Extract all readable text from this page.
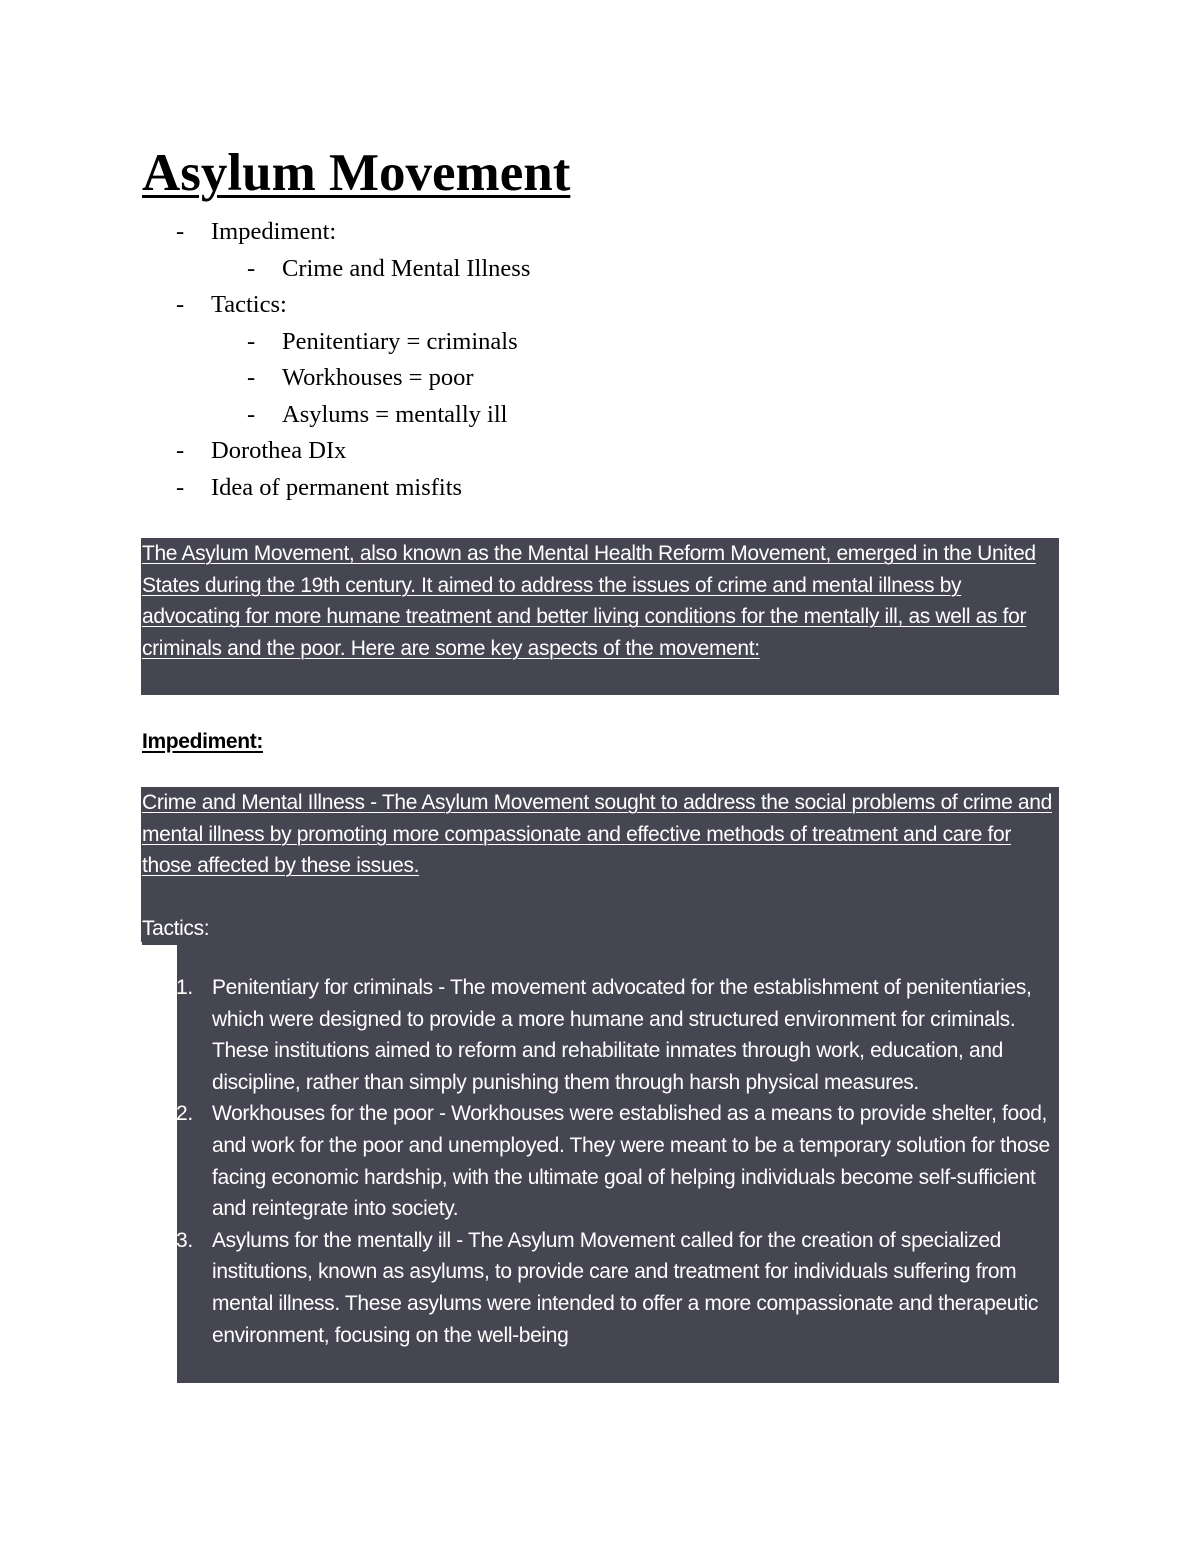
Asylum Movement
- Impediment:
- Crime and Mental Illness
- Tactics:
- Penitentiary = criminals
- Workhouses = poor
- Asylums = mentally ill
- Dorothea DIx
- Idea of permanent misfits

The Asylum Movement, also known as the Mental Health Reform Movement, emerged in the United States during the 19th century. It aimed to address the issues of crime and mental illness by advocating for more humane treatment and better living conditions for the mentally ill, as well as for criminals and the poor. Here are some key aspects of the movement:

Impediment:

Crime and Mental Illness - The Asylum Movement sought to address the social problems of crime and mental illness by promoting more compassionate and effective methods of treatment and care for those affected by these issues.

Tactics:
1. Penitentiary for criminals - The movement advocated for the establishment of penitentiaries, which were designed to provide a more humane and structured environment for criminals. These institutions aimed to reform and rehabilitate inmates through work, education, and discipline, rather than simply punishing them through harsh physical measures.
2. Workhouses for the poor - Workhouses were established as a means to provide shelter, food, and work for the poor and unemployed. They were meant to be a temporary solution for those facing economic hardship, with the ultimate goal of helping individuals become self-sufficient and reintegrate into society.
3. Asylums for the mentally ill - The Asylum Movement called for the creation of specialized institutions, known as asylums, to provide care and treatment for individuals suffering from mental illness. These asylums were intended to offer a more compassionate and therapeutic environment, focusing on the well-being
